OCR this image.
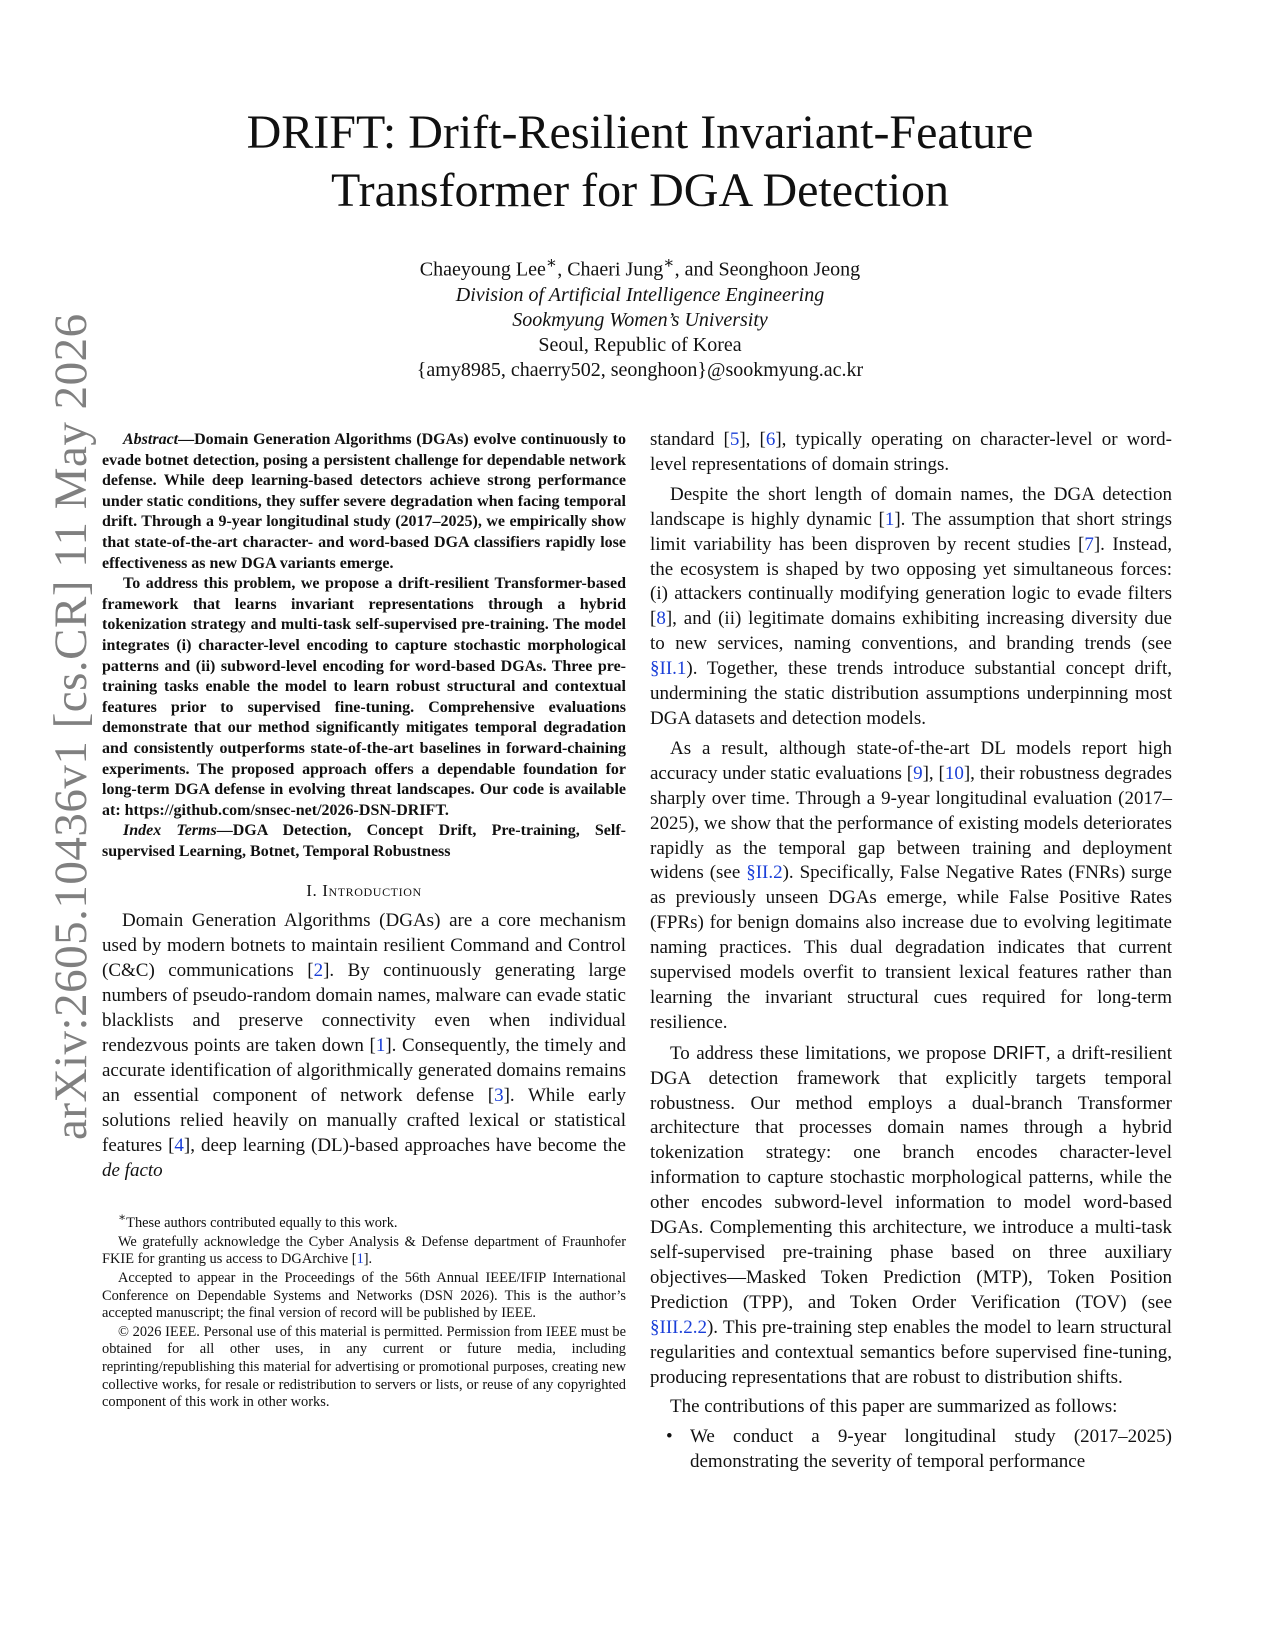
arXiv:2605.10436v1 [cs.CR] 11 May 2026
DRIFT: Drift-Resilient Invariant-Feature
Transformer for DGA Detection
Chaeyoung Lee∗, Chaeri Jung∗, and Seonghoon Jeong
Division of Artificial Intelligence Engineering
Sookmyung Women’s University
Seoul, Republic of Korea
{amy8985, chaerry502, seonghoon}@sookmyung.ac.kr

Abstract—Domain Generation Algorithms (DGAs) evolve continuously to evade botnet detection, posing a persistent challenge for dependable network defense. While deep learning-based detectors achieve strong performance under static conditions, they suffer severe degradation when facing temporal drift. Through a 9-year longitudinal study (2017–2025), we empirically show that state-of-the-art character- and word-based DGA classifiers rapidly lose effectiveness as new DGA variants emerge.

To address this problem, we propose a drift-resilient Transformer-based framework that learns invariant representations through a hybrid tokenization strategy and multi-task self-supervised pre-training. The model integrates (i) character-level encoding to capture stochastic morphological patterns and (ii) subword-level encoding for word-based DGAs. Three pre-training tasks enable the model to learn robust structural and contextual features prior to supervised fine-tuning. Comprehensive evaluations demonstrate that our method significantly mitigates temporal degradation and consistently outperforms state-of-the-art baselines in forward-chaining experiments. The proposed approach offers a dependable foundation for long-term DGA defense in evolving threat landscapes. Our code is available at: https://github.com/snsec-net/2026-DSN-DRIFT.

Index Terms—DGA Detection, Concept Drift, Pre-training, Self-supervised Learning, Botnet, Temporal Robustness

I. Introduction

Domain Generation Algorithms (DGAs) are a core mechanism used by modern botnets to maintain resilient Command and Control (C&C) communications [2]. By continuously generating large numbers of pseudo-random domain names, malware can evade static blacklists and preserve connectivity even when individual rendezvous points are taken down [1]. Consequently, the timely and accurate identification of algorithmically generated domains remains an essential component of network defense [3]. While early solutions relied heavily on manually crafted lexical or statistical features [4], deep learning (DL)-based approaches have become the de facto

∗These authors contributed equally to this work.

We gratefully acknowledge the Cyber Analysis & Defense department of Fraunhofer FKIE for granting us access to DGArchive [1].

Accepted to appear in the Proceedings of the 56th Annual IEEE/IFIP International Conference on Dependable Systems and Networks (DSN 2026). This is the author’s accepted manuscript; the final version of record will be published by IEEE.

© 2026 IEEE. Personal use of this material is permitted. Permission from IEEE must be obtained for all other uses, in any current or future media, including reprinting/republishing this material for advertising or promotional purposes, creating new collective works, for resale or redistribution to servers or lists, or reuse of any copyrighted component of this work in other works.

standard [5], [6], typically operating on character-level or word-level representations of domain strings.

Despite the short length of domain names, the DGA detection landscape is highly dynamic [1]. The assumption that short strings limit variability has been disproven by recent studies [7]. Instead, the ecosystem is shaped by two opposing yet simultaneous forces: (i) attackers continually modifying generation logic to evade filters [8], and (ii) legitimate domains exhibiting increasing diversity due to new services, naming conventions, and branding trends (see §II.1). Together, these trends introduce substantial concept drift, undermining the static distribution assumptions underpinning most DGA datasets and detection models.

As a result, although state-of-the-art DL models report high accuracy under static evaluations [9], [10], their robustness degrades sharply over time. Through a 9-year longitudinal evaluation (2017–2025), we show that the performance of existing models deteriorates rapidly as the temporal gap between training and deployment widens (see §II.2). Specifically, False Negative Rates (FNRs) surge as previously unseen DGAs emerge, while False Positive Rates (FPRs) for benign domains also increase due to evolving legitimate naming practices. This dual degradation indicates that current supervised models overfit to transient lexical features rather than learning the invariant structural cues required for long-term resilience.

To address these limitations, we propose DRIFT, a drift-resilient DGA detection framework that explicitly targets temporal robustness. Our method employs a dual-branch Transformer architecture that processes domain names through a hybrid tokenization strategy: one branch encodes character-level information to capture stochastic morphological patterns, while the other encodes subword-level information to model word-based DGAs. Complementing this architecture, we introduce a multi-task self-supervised pre-training phase based on three auxiliary objectives—Masked Token Prediction (MTP), Token Position Prediction (TPP), and Token Order Verification (TOV) (see §III.2.2). This pre-training step enables the model to learn structural regularities and contextual semantics before supervised fine-tuning, producing representations that are robust to distribution shifts.

The contributions of this paper are summarized as follows:

• We conduct a 9-year longitudinal study (2017–2025) demonstrating the severity of temporal performance
